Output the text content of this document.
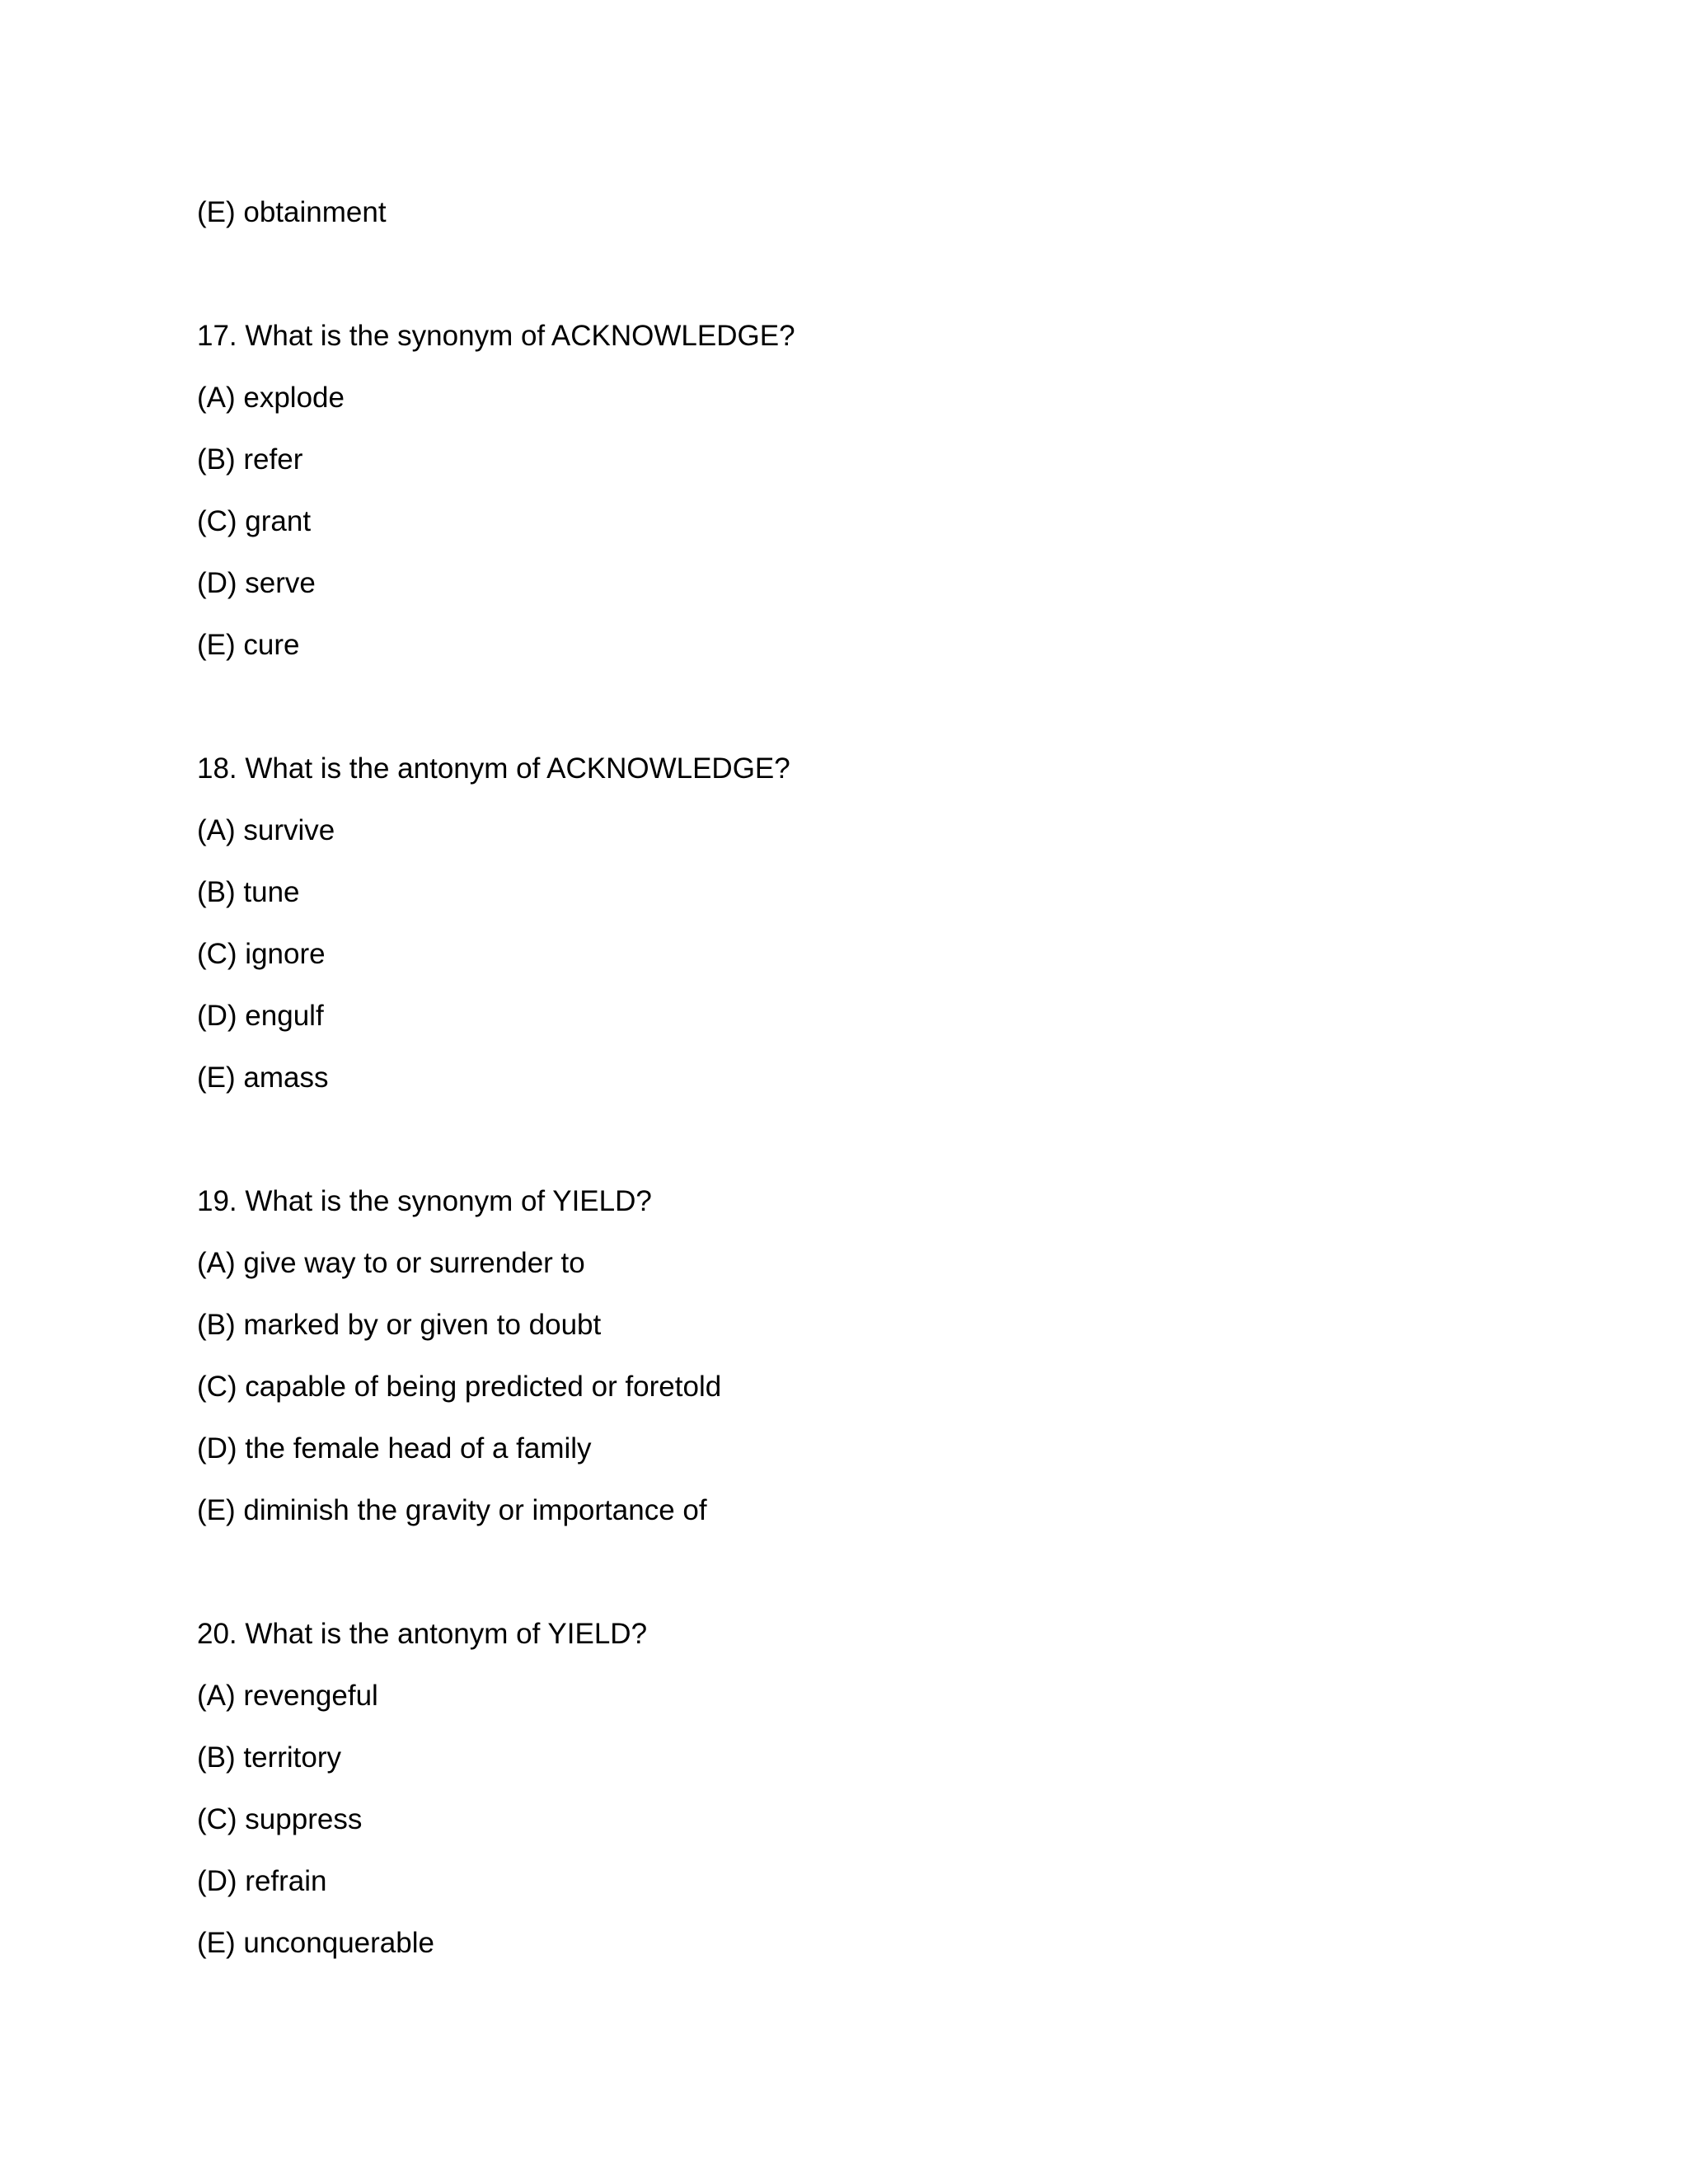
(E) obtainment

17. What is the synonym of ACKNOWLEDGE?

(A) explode

(B) refer

(C) grant

(D) serve

(E) cure

18. What is the antonym of ACKNOWLEDGE?

(A) survive

(B) tune

(C) ignore

(D) engulf

(E) amass

19. What is the synonym of YIELD?

(A) give way to or surrender to

(B) marked by or given to doubt

(C) capable of being predicted or foretold

(D) the female head of a family

(E) diminish the gravity or importance of

20. What is the antonym of YIELD?

(A) revengeful

(B) territory

(C) suppress

(D) refrain

(E) unconquerable
